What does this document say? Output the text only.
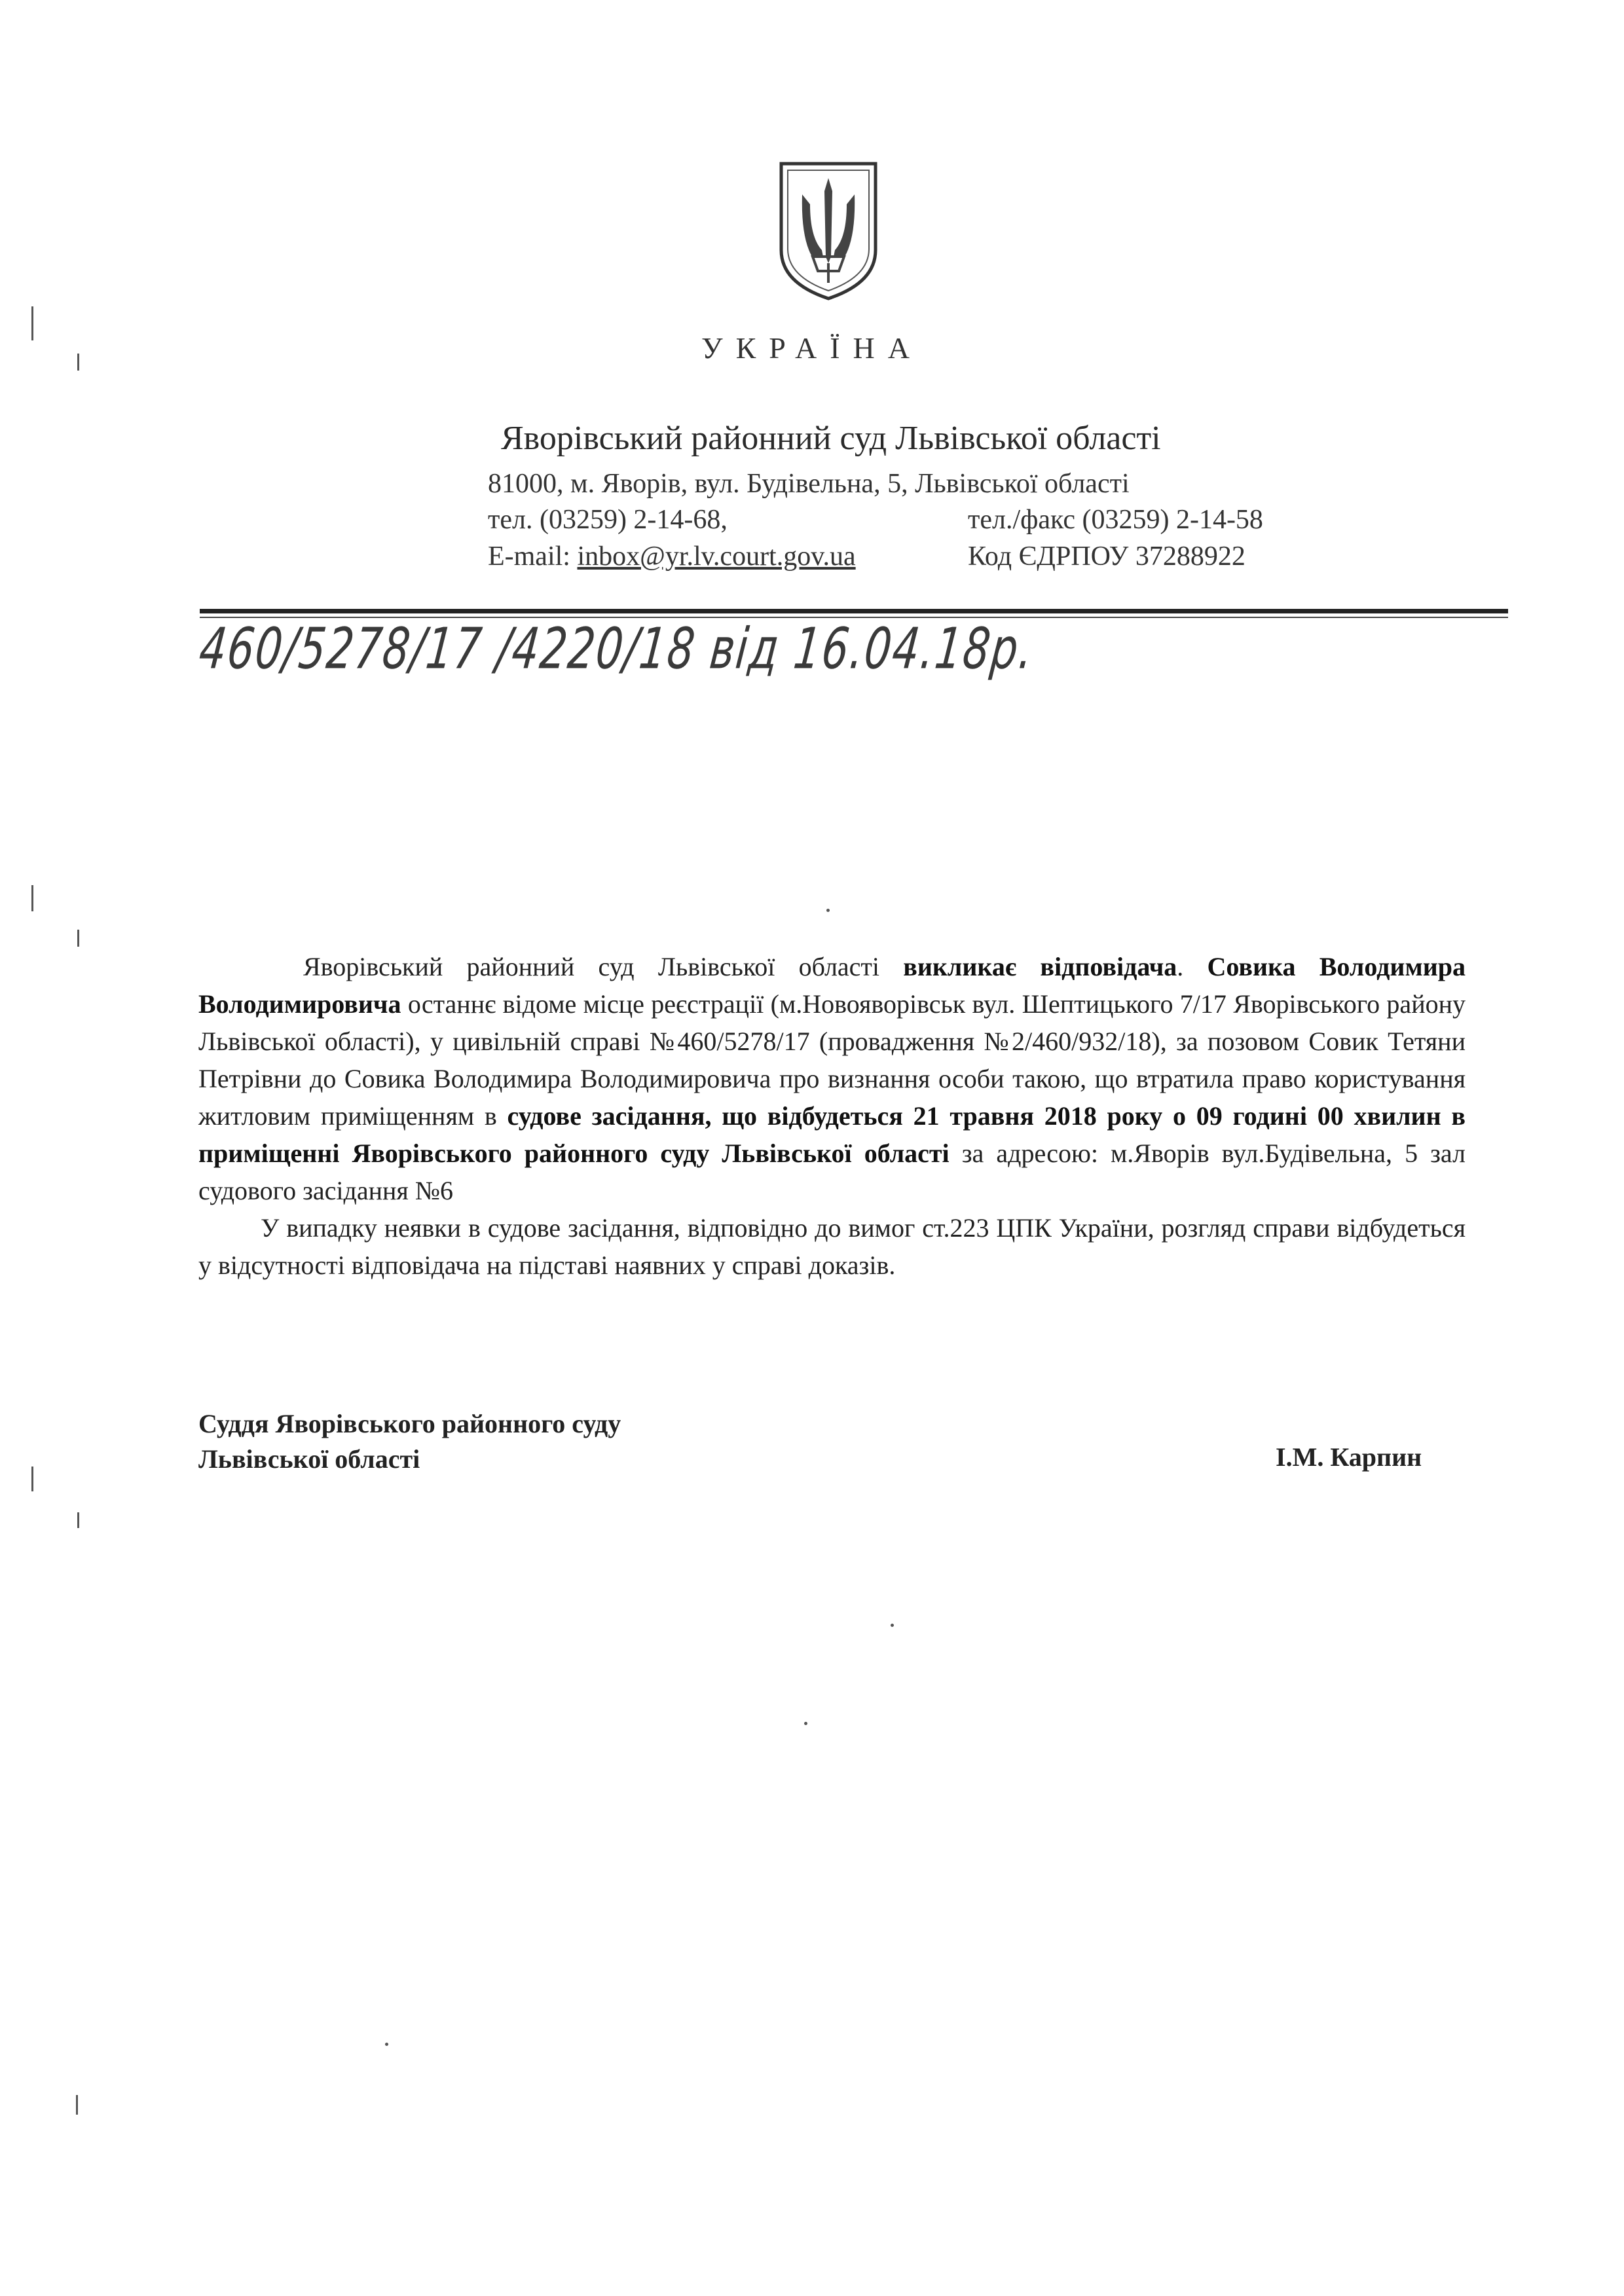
УКРАЇНА
Яворівський районний суд Львівської області
81000, м. Яворів, вул. Будівельна, 5, Львівської області
тел. (03259) 2-14-68,	тел./факс (03259) 2-14-58
E-mail: inbox@yr.lv.court.gov.ua	Код ЄДРПОУ 37288922
460/5278/17 /4220/18 від 16.04.18р.

Яворівський районний суд Львівської області викликає відповідача. Совика Володимира Володимировича останнє відоме місце реєстрації (м.Новояворівськ вул. Шептицького 7/17 Яворівського району Львівської області), у цивільній справі №460/5278/17 (провадження №2/460/932/18), за позовом Совик Тетяни Петрівни до Совика Володимира Володимировича про визнання особи такою, що втратила право користування житловим приміщенням в судове засідання, що відбудеться 21 травня 2018 року о 09 годині 00 хвилин в приміщенні Яворівського районного суду Львівської області за адресою: м.Яворів вул.Будівельна, 5 зал судового засідання №6

У випадку неявки в судове засідання, відповідно до вимог ст.223 ЦПК України, розгляд справи відбудеться у відсутності відповідача на підставі наявних у справі доказів.

Суддя Яворівського районного суду
Львівської області	І.М. Карпин
